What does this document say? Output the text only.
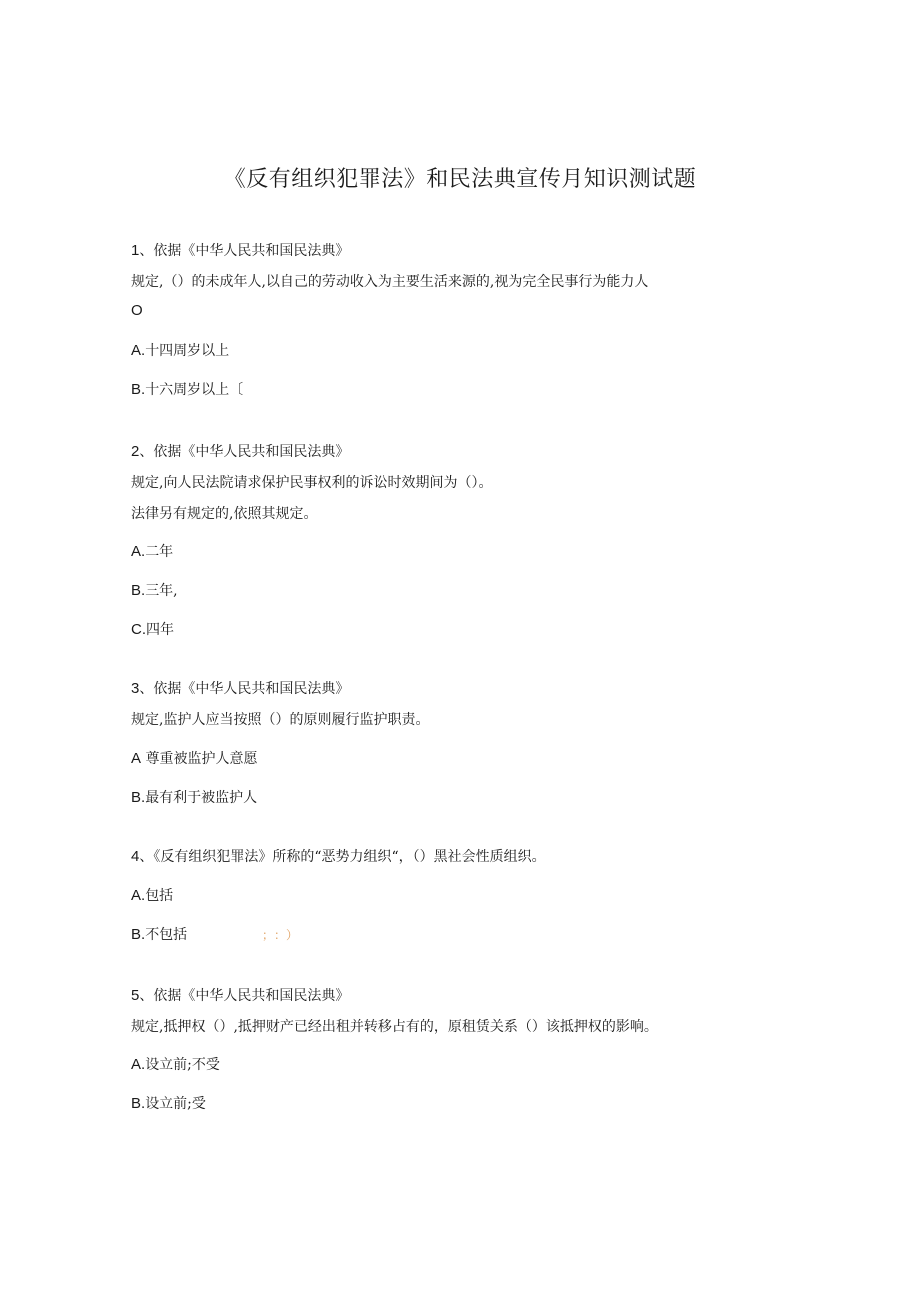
《反有组织犯罪法》和民法典宣传月知识测试题
1、依据《中华人民共和国民法典》
规定,（）的未成年人,以自己的劳动收入为主要生活来源的,视为完全民事行为能力人
O
A.十四周岁以上
B.十六周岁以上〔
2、依据《中华人民共和国民法典》
规定,向人民法院请求保护民事权利的诉讼时效期间为（）。
法律另有规定的,依照其规定。
A.二年
B.三年,
C.四年
3、依据《中华人民共和国民法典》
规定,监护人应当按照（）的原则履行监护职责。
A 尊重被监护人意愿
B.最有利于被监护人
4、《反有组织犯罪法》所称的“恶势力组织“，（）黑社会性质组织。
A.包括
B.不包括	；：）
5、依据《中华人民共和国民法典》
规定,抵押权（）,抵押财产已经出租并转移占有的，原租赁关系（）该抵押权的影响。
A.设立前;不受
B.设立前;受
